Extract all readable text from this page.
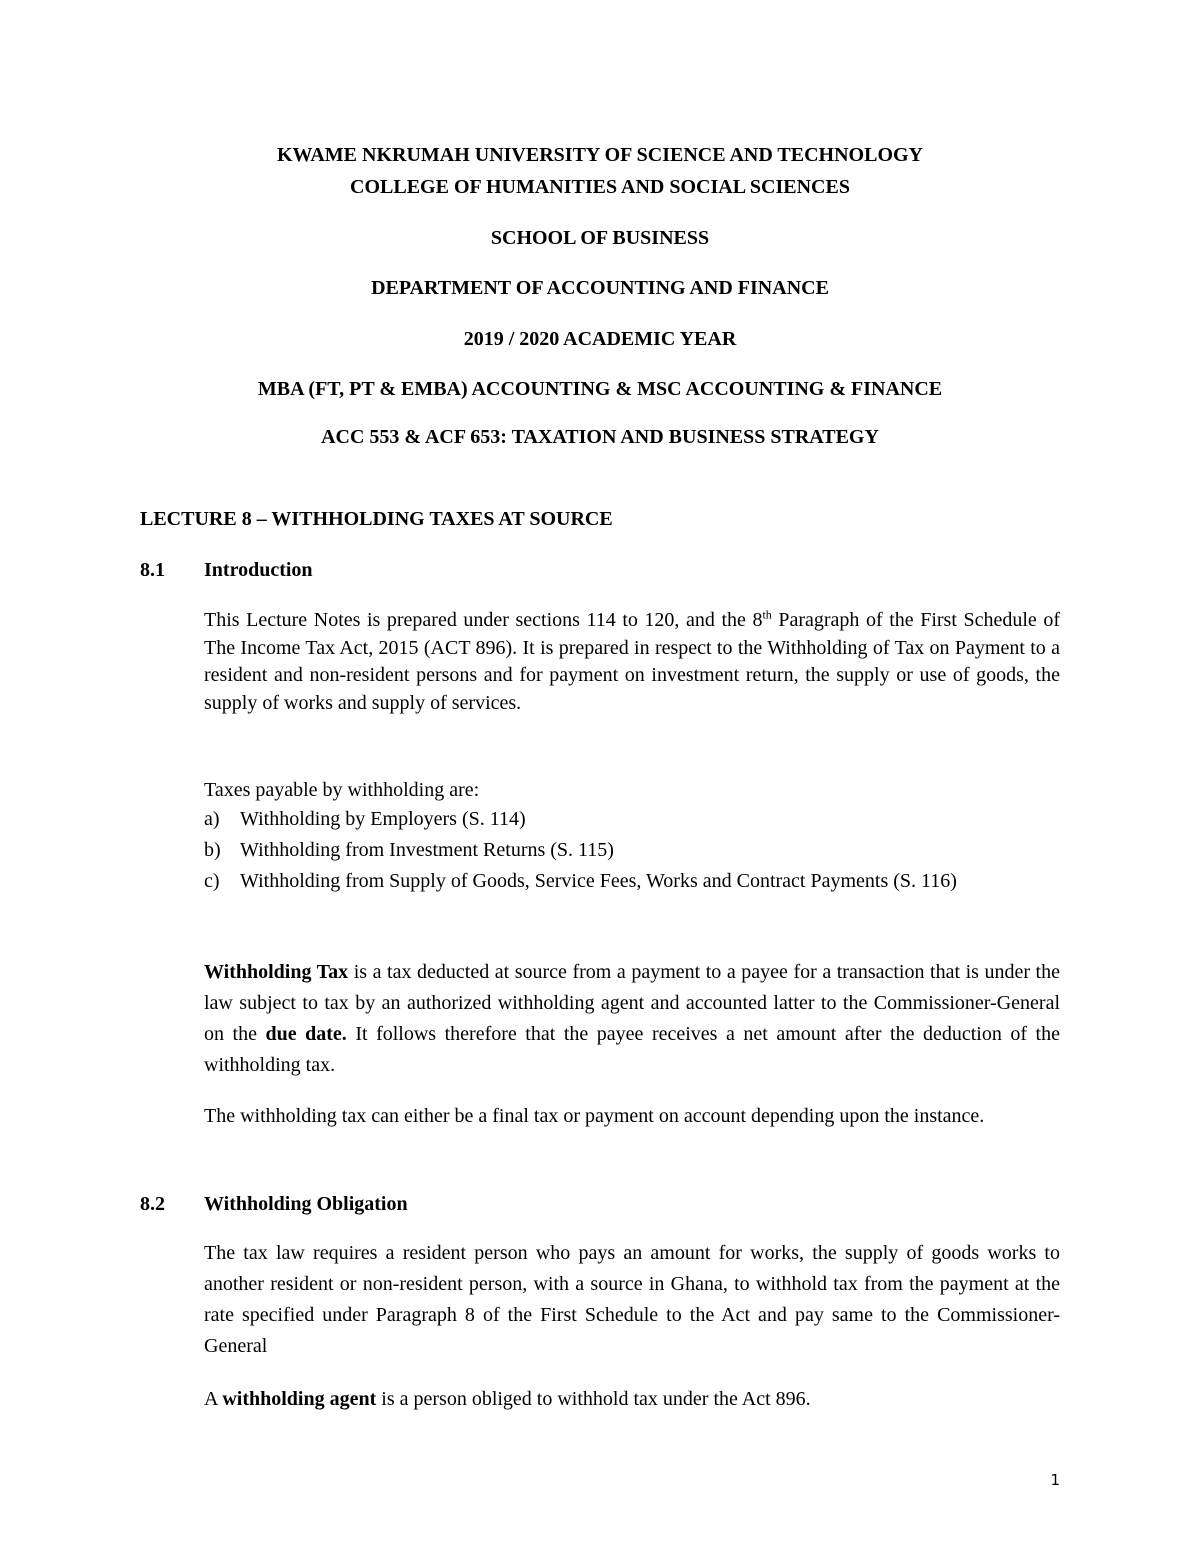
KWAME NKRUMAH UNIVERSITY OF SCIENCE AND TECHNOLOGY
COLLEGE OF HUMANITIES AND SOCIAL SCIENCES
SCHOOL OF BUSINESS
DEPARTMENT OF ACCOUNTING AND FINANCE
2019 / 2020 ACADEMIC YEAR
MBA (FT, PT & EMBA) ACCOUNTING & MSC ACCOUNTING & FINANCE
ACC 553 & ACF 653: TAXATION AND BUSINESS STRATEGY
LECTURE 8 – WITHHOLDING TAXES AT SOURCE
8.1 Introduction
This Lecture Notes is prepared under sections 114 to 120, and the 8th Paragraph of the First Schedule of The Income Tax Act, 2015 (ACT 896). It is prepared in respect to the Withholding of Tax on Payment to a resident and non-resident persons and for payment on investment return, the supply or use of goods, the supply of works and supply of services.
Taxes payable by withholding are:
a) Withholding by Employers (S. 114)
b) Withholding from Investment Returns (S. 115)
c) Withholding from Supply of Goods, Service Fees, Works and Contract Payments (S. 116)
Withholding Tax is a tax deducted at source from a payment to a payee for a transaction that is under the law subject to tax by an authorized withholding agent and accounted latter to the Commissioner-General on the due date. It follows therefore that the payee receives a net amount after the deduction of the withholding tax.
The withholding tax can either be a final tax or payment on account depending upon the instance.
8.2 Withholding Obligation
The tax law requires a resident person who pays an amount for works, the supply of goods works to another resident or non-resident person, with a source in Ghana, to withhold tax from the payment at the rate specified under Paragraph 8 of the First Schedule to the Act and pay same to the Commissioner-General
A withholding agent is a person obliged to withhold tax under the Act 896.
1
